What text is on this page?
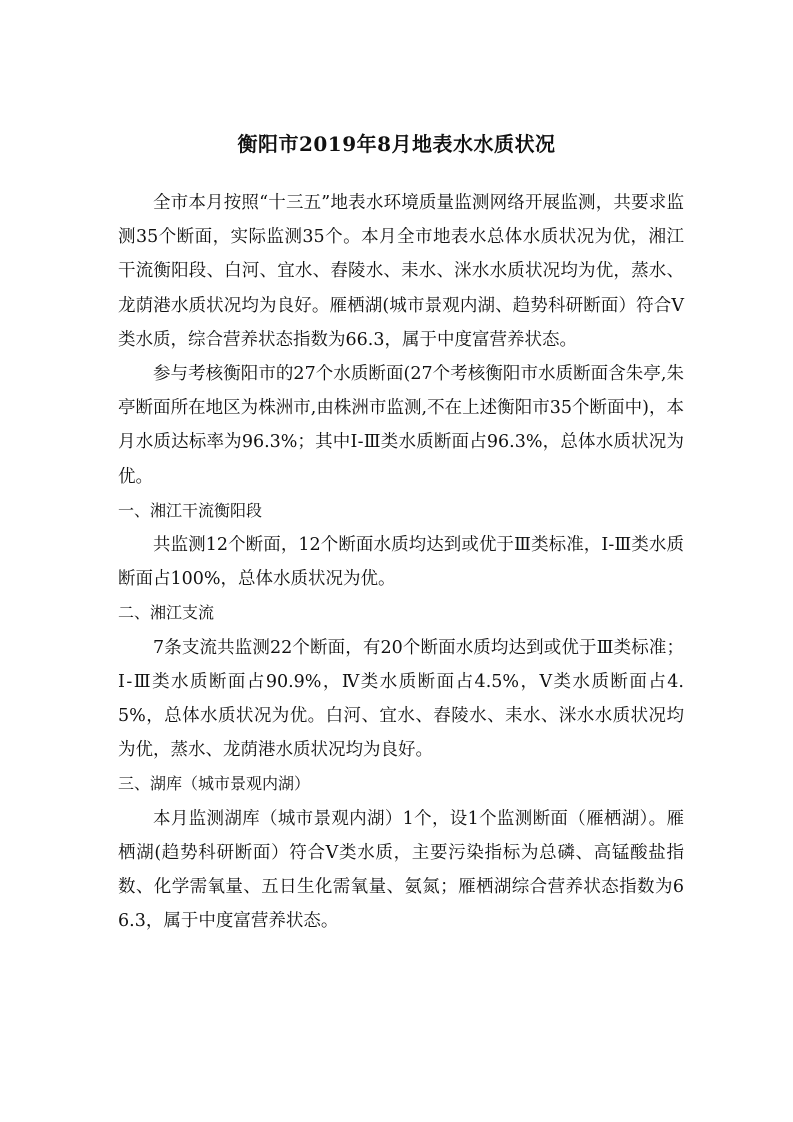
衡阳市2019年8月地表水水质状况

全市本月按照“十三五”地表水环境质量监测网络开展监测，共要求监测35个断面，实际监测35个。本月全市地表水总体水质状况为优，湘江干流衡阳段、白河、宜水、舂陵水、耒水、洣水水质状况均为优，蒸水、龙荫港水质状况均为良好。雁栖湖(城市景观内湖、趋势科研断面）符合Ⅴ类水质，综合营养状态指数为66.3，属于中度富营养状态。

参与考核衡阳市的27个水质断面(27个考核衡阳市水质断面含朱亭,朱亭断面所在地区为株洲市,由株洲市监测,不在上述衡阳市35个断面中)，本月水质达标率为96.3%；其中Ⅰ-Ⅲ类水质断面占96.3%，总体水质状况为优。

一、湘江干流衡阳段

共监测12个断面，12个断面水质均达到或优于Ⅲ类标准，Ⅰ-Ⅲ类水质断面占100%，总体水质状况为优。

二、湘江支流

7条支流共监测22个断面，有20个断面水质均达到或优于Ⅲ类标准；Ⅰ-Ⅲ类水质断面占90.9%，Ⅳ类水质断面占4.5%，Ⅴ类水质断面占4.5%，总体水质状况为优。白河、宜水、舂陵水、耒水、洣水水质状况均为优，蒸水、龙荫港水质状况均为良好。

三、湖库（城市景观内湖）

本月监测湖库（城市景观内湖）1个，设1个监测断面（雁栖湖）。雁栖湖(趋势科研断面）符合Ⅴ类水质，主要污染指标为总磷、高锰酸盐指数、化学需氧量、五日生化需氧量、氨氮；雁栖湖综合营养状态指数为66.3，属于中度富营养状态。
